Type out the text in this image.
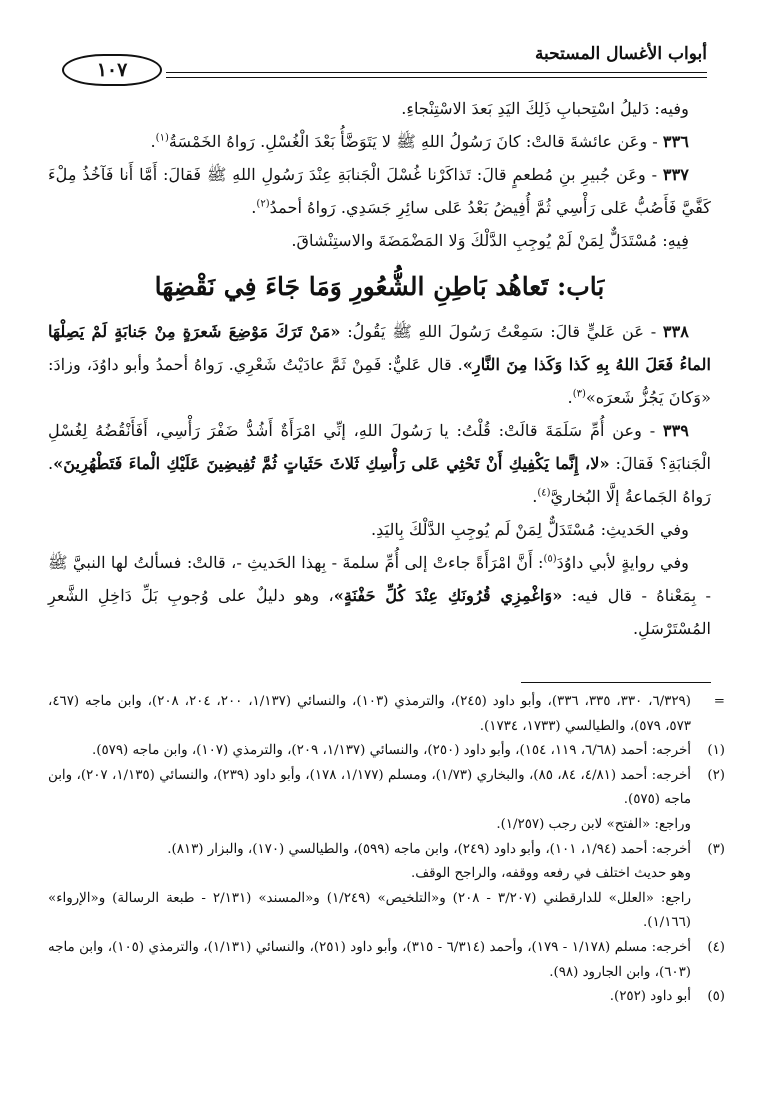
أبواب الأغسال المستحبة
١٠٧

وفيه: دَليلُ اسْتِحبابِ ذَلِكَ اليَدِ بَعدَ الاسْتِنْجاءِ.

٣٣٦ - وعَن عائشةَ قالتْ: كانَ رَسُولُ اللهِ ﷺ لا يَتَوَضَّأُ بَعْدَ الْغُسْلِ. رَواهُ الخَمْسَةُ$^{(١)}$.

٣٣٧ - وعَن جُبيرِ بنِ مُطعمٍ قالَ: تَذاكَرْنا غُسْلَ الْجَنابَةِ عِنْدَ رَسُولِ اللهِ ﷺ فَقالَ: أَمَّا أَنا فَآخُذُ مِلْءَ كَفَّيَّ فَأَصُبُّ عَلى رَأْسِي ثُمَّ أُفِيضُ بَعْدُ عَلى سائِرِ جَسَدِي. رَواهُ أحمدُ$^{(٢)}$.

فِيهِ: مُسْتَدَلٌّ لِمَنْ لَمْ يُوجِبِ الدَّلْكَ وَلا المَضْمَضَةَ والاستِنْشاقَ.

بَاب: تَعاهُد بَاطِنِ الشُّعُورِ وَمَا جَاءَ فِي نَقْضِهَا

٣٣٨ - عَن عَليٍّ قالَ: سَمِعْتُ رَسُولَ اللهِ ﷺ يَقُولُ: «مَنْ تَرَكَ مَوْضِعَ شَعرَةٍ مِنْ جَنابَةٍ لَمْ يَصِلْهَا الماءُ فَعَلَ اللهُ بِهِ كَذا وَكَذا مِنَ النَّارِ». قال عَليٌّ: فَمِنْ ثَمَّ عادَيْتُ شَعْرِي. رَواهُ أحمدُ وأبو داوُدَ، وزادَ: «وَكانَ يَجُزُّ شَعرَه»$^{(٣)}$.

٣٣٩ - وعن أُمِّ سَلَمَةَ قالَتْ: قُلْتُ: يا رَسُولَ اللهِ، إنِّي امْرَأَةٌ أَشُدُّ ضَفْرَ رَأْسِي، أَفَأَنْقُضُهُ لِغُسْلِ الْجَنابَةِ؟ فَقالَ: «لا، إِنَّما يَكْفِيكِ أَنْ تَحْثِي عَلى رَأْسِكِ ثَلاثَ حَثَياتٍ ثُمَّ تُفِيضِينَ عَلَيْكِ الْماءَ فَتَطْهُرِينَ». رَواهُ الجَماعةُ إلَّا البُخاريَّ$^{(٤)}$.

وفي الحَديثِ: مُسْتَدَلٌّ لِمَنْ لَم يُوجِبِ الدَّلْكَ بِاليَدِ.

وفي روايةٍ لأبي داوُدَ$^{(٥)}$: أَنَّ امْرَأَةً جاءتْ إلى أُمِّ سلمةَ - بِهذا الحَديثِ -، قالتْ: فسألتُ لها النبيَّ ﷺ - بِمَعْناهُ - قال فيه: «وَاغْمِزِي قُرُونَكِ عِنْدَ كُلِّ حَفْنَةٍ»، وهو دليلٌ على وُجوبِ بَلِّ دَاخِلِ الشَّعرِ المُسْتَرْسَلِ.

=
(٦/٣٢٩، ٣٣٠، ٣٣٥، ٣٣٦)، وأبو داود (٢٤٥)، والترمذي (١٠٣)، والنسائي (١/١٣٧، ٢٠٠، ٢٠٤، ٢٠٨)، وابن ماجه (٤٦٧، ٥٧٣، ٥٧٩)، والطيالسي (١٧٣٣، ١٧٣٤).
(١)
أخرجه: أحمد (٦/٦٨، ١١٩، ١٥٤)، وأبو داود (٢٥٠)، والنسائي (١/١٣٧، ٢٠٩)، والترمذي (١٠٧)، وابن ماجه (٥٧٩).
(٢)
أخرجه: أحمد (٤/٨١، ٨٤، ٨٥)، والبخاري (١/٧٣)، ومسلم (١/١٧٧، ١٧٨)، وأبو داود (٢٣٩)، والنسائي (١/١٣٥، ٢٠٧)، وابن ماجه (٥٧٥).
وراجع: «الفتح» لابن رجب (١/٢٥٧).
(٣)
أخرجه: أحمد (١/٩٤، ١٠١)، وأبو داود (٢٤٩)، وابن ماجه (٥٩٩)، والطيالسي (١٧٠)، والبزار (٨١٣).
وهو حديث اختلف في رفعه ووقفه، والراجح الوقف.
راجع: «العلل» للدارقطني (٣/٢٠٧ - ٢٠٨) و«التلخيص» (١/٢٤٩) و«المسند» (٢/١٣١ - طبعة الرسالة) و«الإرواء» (١/١٦٦).
(٤)
أخرجه: مسلم (١/١٧٨ - ١٧٩)، وأحمد (٦/٣١٤ - ٣١٥)، وأبو داود (٢٥١)، والنسائي (١/١٣١)، والترمذي (١٠٥)، وابن ماجه (٦٠٣)، وابن الجارود (٩٨).
(٥)
أبو داود (٢٥٢).
